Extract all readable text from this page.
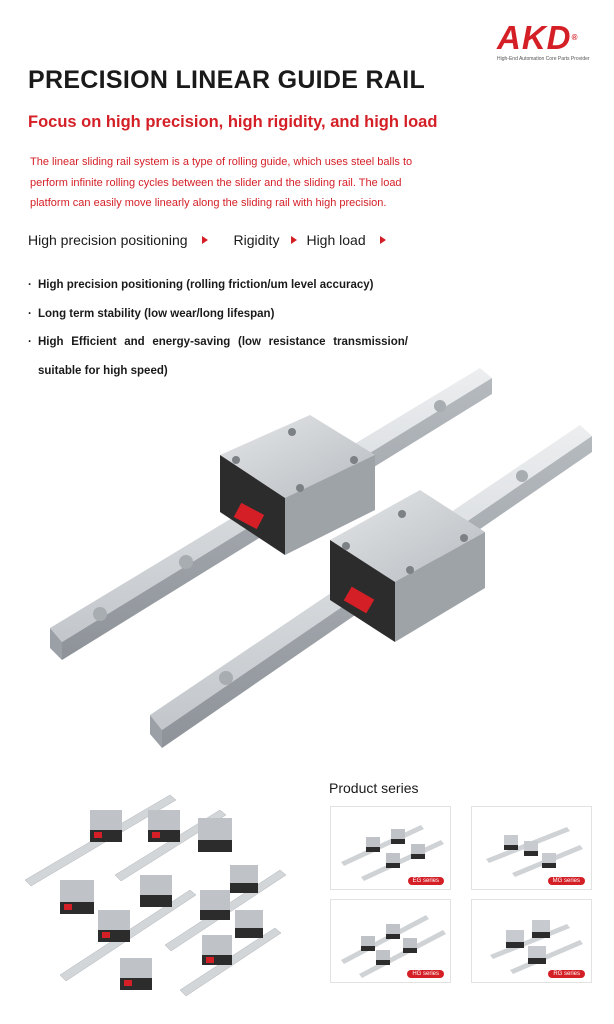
AKD®
High-End Automation Core Parts Provider
PRECISION LINEAR GUIDE RAIL
Focus on high precision, high rigidity, and high load
The linear sliding rail system is a type of rolling guide, which uses steel balls to perform infinite rolling cycles between the slider and the sliding rail. The load platform can easily move linearly along the sliding rail with high precision.
High precision positioning	Rigidity High load
· High precision positioning (rolling friction/um level accuracy)
· Long term stability (low wear/long lifespan)
· High Efficient and energy-saving (low resistance transmission/
suitable for high speed)
Product series
EG series	MG series
HG series	RG series
